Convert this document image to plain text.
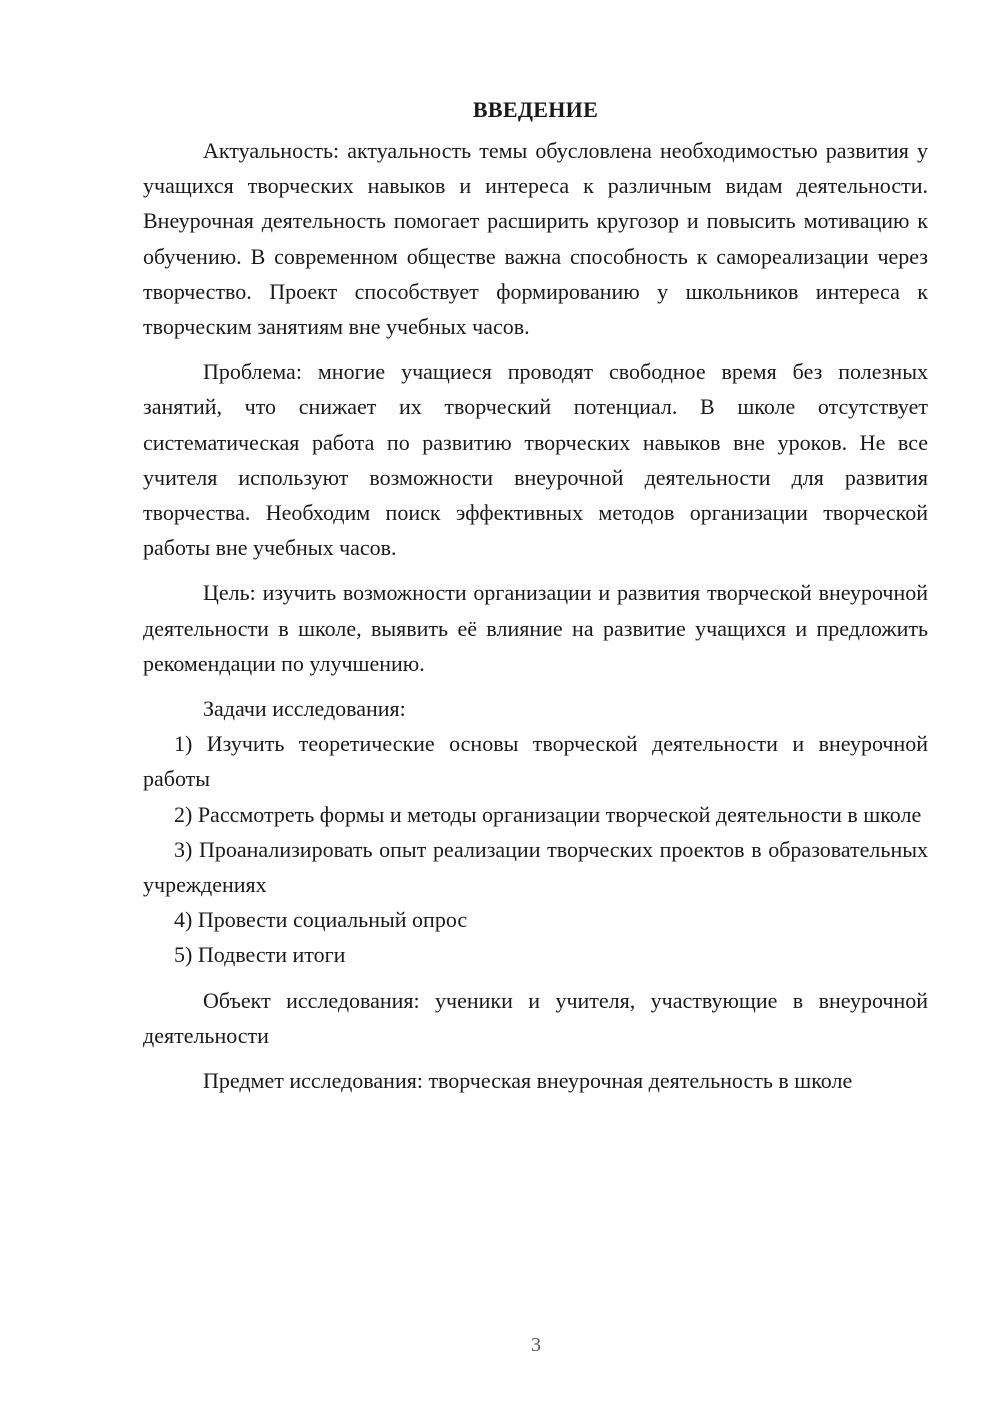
ВВЕДЕНИЕ

Актуальность: актуальность темы обусловлена необходимостью развития у учащихся творческих навыков и интереса к различным видам деятельности. Внеурочная деятельность помогает расширить кругозор и повысить мотивацию к обучению. В современном обществе важна способность к самореализации через творчество. Проект способствует формированию у школьников интереса к творческим занятиям вне учебных часов.

Проблема: многие учащиеся проводят свободное время без полезных занятий, что снижает их творческий потенциал. В школе отсутствует систематическая работа по развитию творческих навыков вне уроков. Не все учителя используют возможности внеурочной деятельности для развития творчества. Необходим поиск эффективных методов организации творческой работы вне учебных часов.

Цель: изучить возможности организации и развития творческой внеурочной деятельности в школе, выявить её влияние на развитие учащихся и предложить рекомендации по улучшению.

Задачи исследования:

1) Изучить теоретические основы творческой деятельности и внеурочной работы

2) Рассмотреть формы и методы организации творческой деятельности в школе

3) Проанализировать опыт реализации творческих проектов в образовательных учреждениях

4) Провести социальный опрос

5) Подвести итоги

Объект исследования: ученики и учителя, участвующие в внеурочной деятельности

Предмет исследования: творческая внеурочная деятельность в школе

3
